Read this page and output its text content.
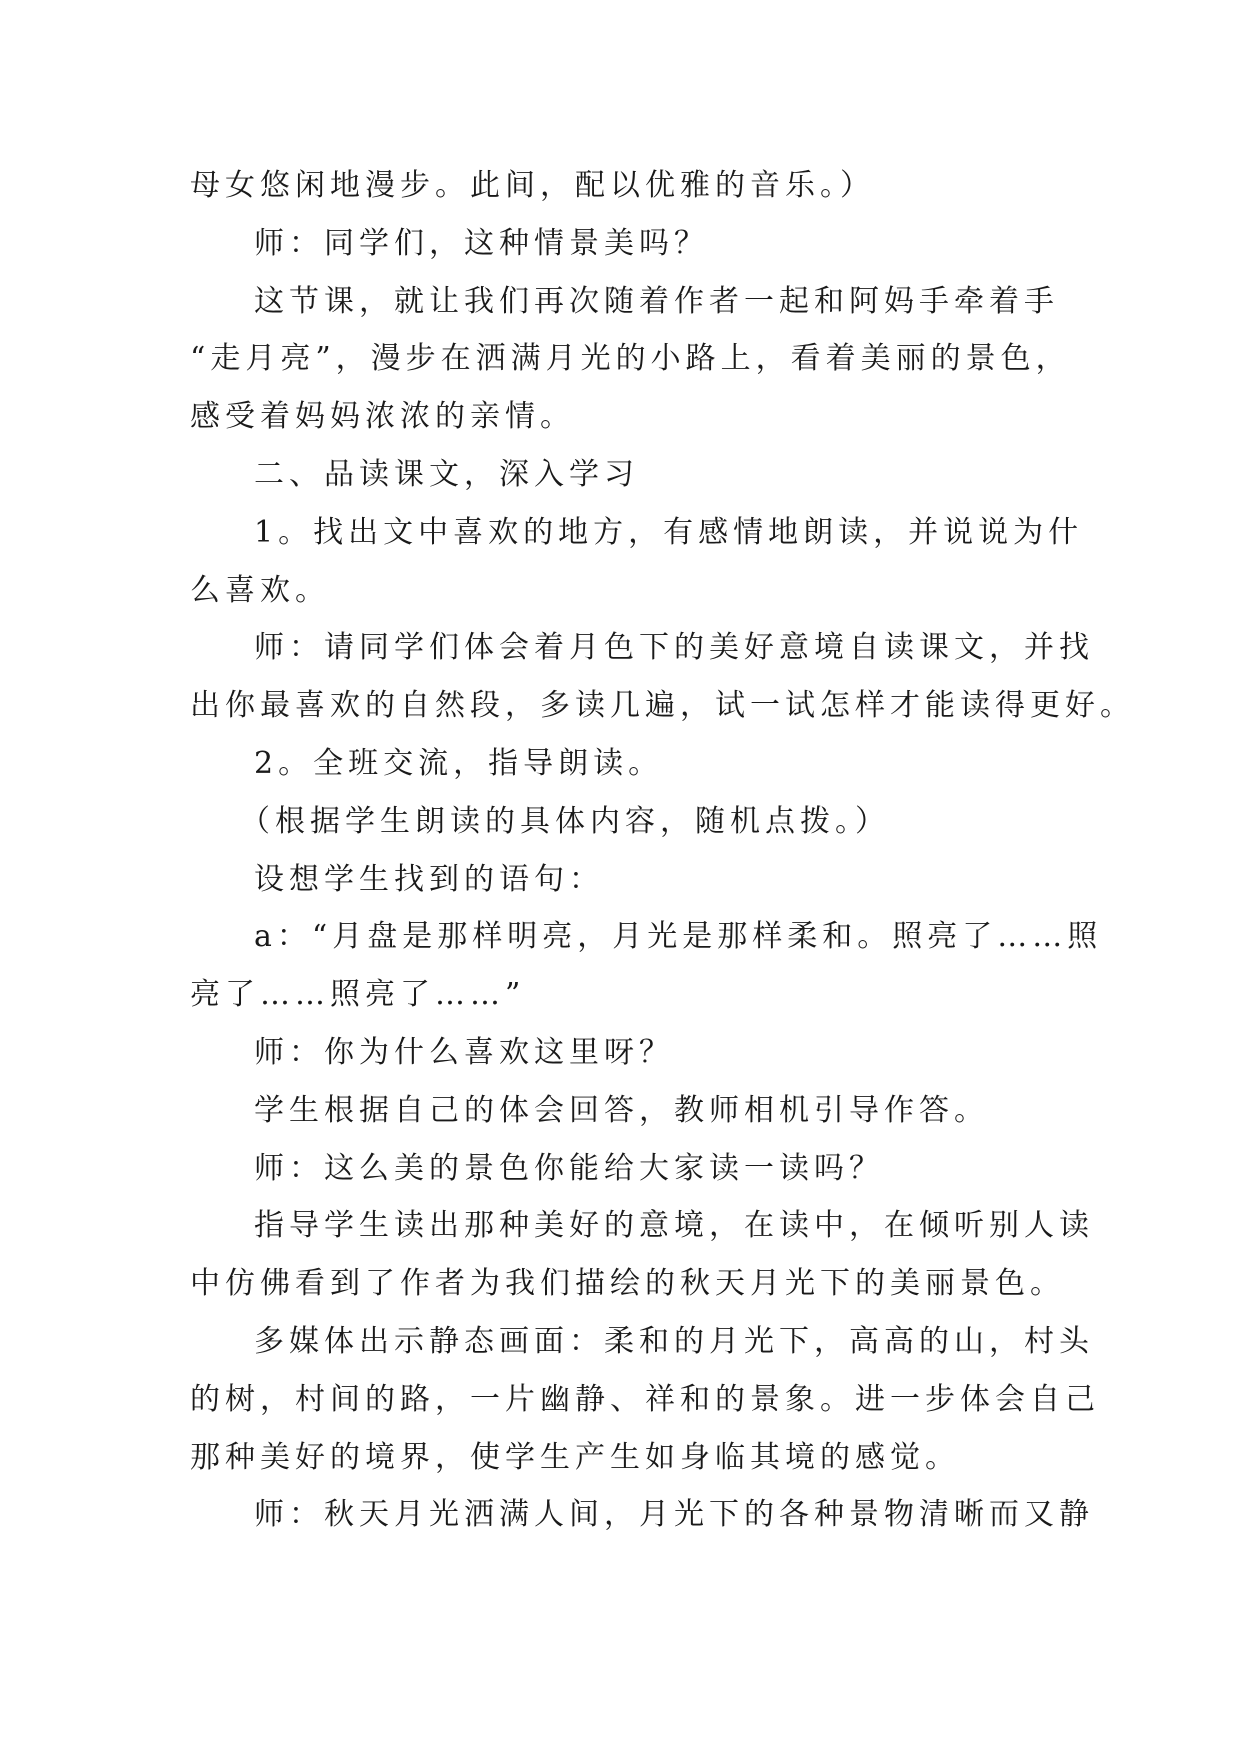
母女悠闲地漫步。此间，配以优雅的音乐。）

师：同学们，这种情景美吗？

这节课，就让我们再次随着作者一起和阿妈手牵着手

“走月亮”，漫步在洒满月光的小路上，看着美丽的景色，

感受着妈妈浓浓的亲情。

二、品读课文，深入学习

1。找出文中喜欢的地方，有感情地朗读，并说说为什

么喜欢。

师：请同学们体会着月色下的美好意境自读课文，并找

出你最喜欢的自然段，多读几遍，试一试怎样才能读得更好。

2。全班交流，指导朗读。

（根据学生朗读的具体内容，随机点拨。）

设想学生找到的语句：

a：“月盘是那样明亮，月光是那样柔和。照亮了……照

亮了……照亮了……”

师：你为什么喜欢这里呀？

学生根据自己的体会回答，教师相机引导作答。

师：这么美的景色你能给大家读一读吗？

指导学生读出那种美好的意境，在读中，在倾听别人读

中仿佛看到了作者为我们描绘的秋天月光下的美丽景色。

多媒体出示静态画面：柔和的月光下，高高的山，村头

的树，村间的路，一片幽静、祥和的景象。进一步体会自己

那种美好的境界，使学生产生如身临其境的感觉。

师：秋天月光洒满人间，月光下的各种景物清晰而又静
